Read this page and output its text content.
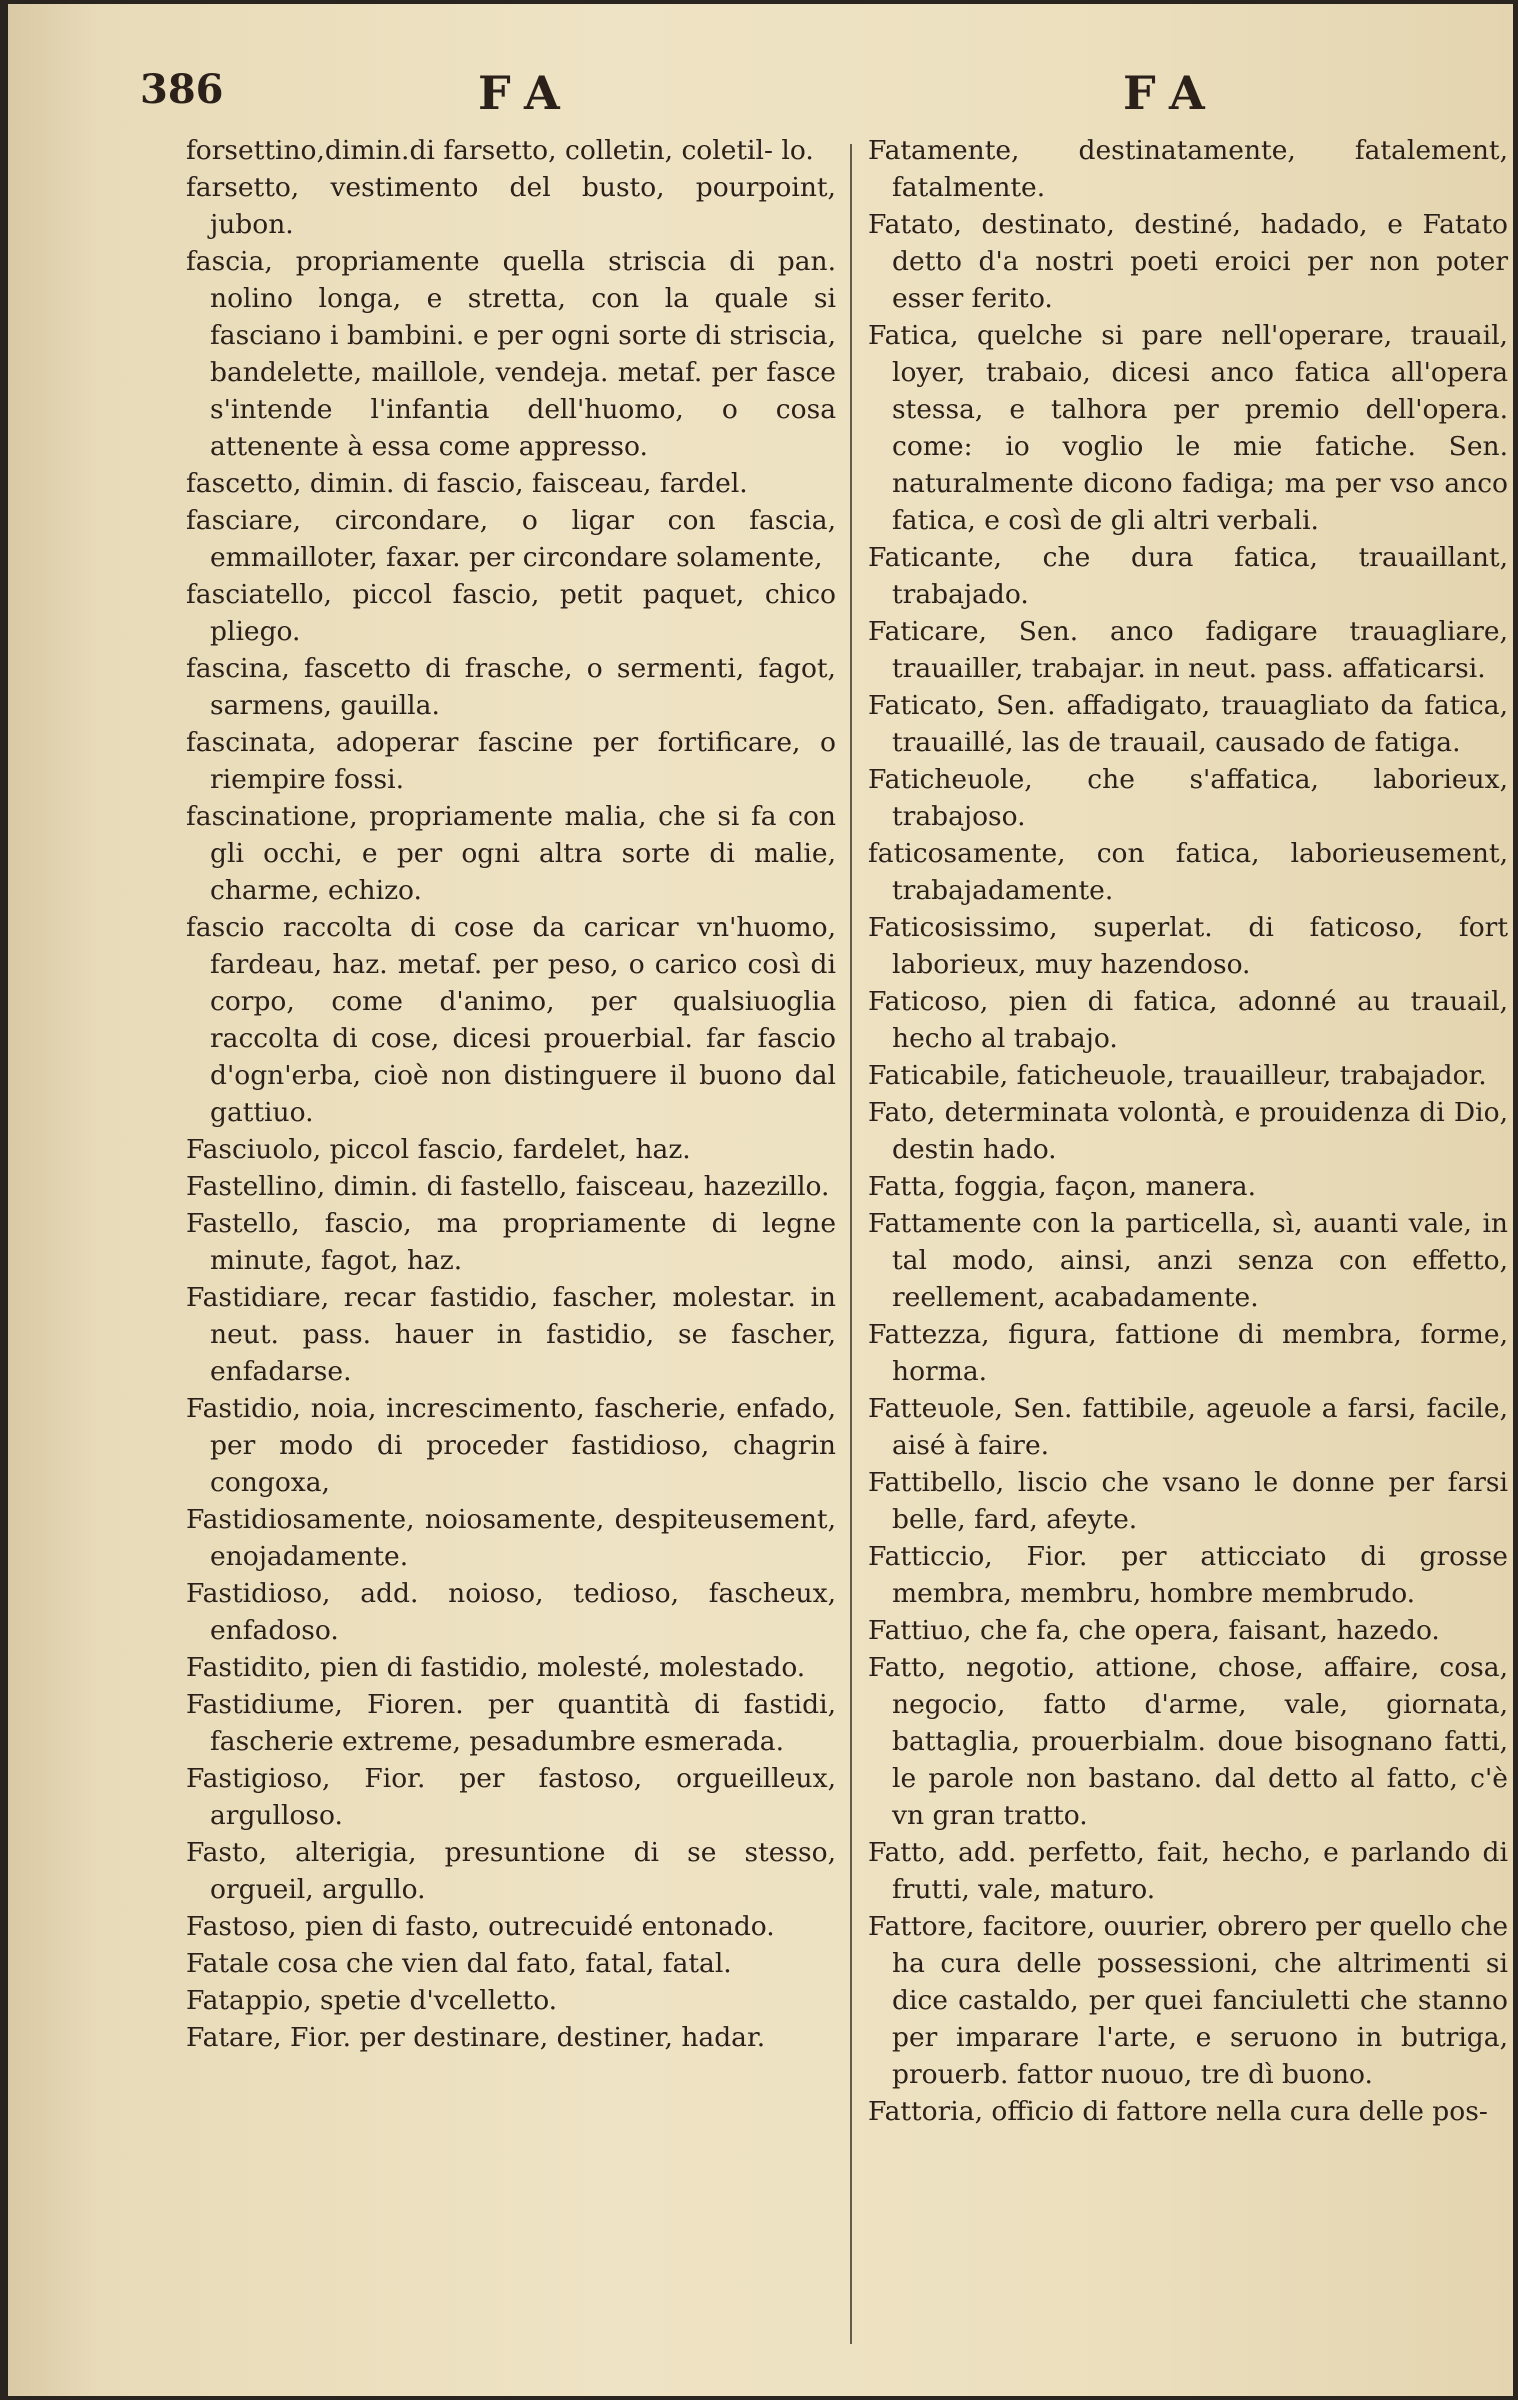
386	FA	FA

forsettino,dimin.di farsetto, colletin, coletil- lo.

farsetto, vestimento del busto, pourpoint, jubon.

fascia, propriamente quella striscia di pan. nolino longa, e stretta, con la quale si fasciano i bambini. e per ogni sorte di striscia, bandelette, maillole, vendeja. metaf. per fasce s'intende l'infantia dell'huomo, o cosa attenente à essa come appresso.

fascetto, dimin. di fascio, faisceau, fardel.

fasciare, circondare, o ligar con fascia, emmailloter, faxar. per circondare solamente,

fasciatello, piccol fascio, petit paquet, chico pliego.

fascina, fascetto di frasche, o sermenti, fagot, sarmens, gauilla.

fascinata, adoperar fascine per fortificare, o riempire fossi.

fascinatione, propriamente malia, che si fa con gli occhi, e per ogni altra sorte di malie, charme, echizo.

fascio raccolta di cose da caricar vn'huomo, fardeau, haz. metaf. per peso, o carico così di corpo, come d'animo, per qualsiuoglia raccolta di cose, dicesi prouerbial. far fascio d'ogn'erba, cioè non distinguere il buono dal gattiuo.

Fasciuolo, piccol fascio, fardelet, haz.

Fastellino, dimin. di fastello, faisceau, hazezillo.

Fastello, fascio, ma propriamente di legne minute, fagot, haz.

Fastidiare, recar fastidio, fascher, molestar. in neut. pass. hauer in fastidio, se fascher, enfadarse.

Fastidio, noia, increscimento, fascherie, enfado, per modo di proceder fastidioso, chagrin congoxa,

Fastidiosamente, noiosamente, despiteusement, enojadamente.

Fastidioso, add. noioso, tedioso, fascheux, enfadoso.

Fastidito, pien di fastidio, molesté, molestado.

Fastidiume, Fioren. per quantità di fastidi, fascherie extreme, pesadumbre esmerada.

Fastigioso, Fior. per fastoso, orgueilleux, argulloso.

Fasto, alterigia, presuntione di se stesso, orgueil, argullo.

Fastoso, pien di fasto, outrecuidé entonado.

Fatale cosa che vien dal fato, fatal, fatal.

Fatappio, spetie d'vcelletto.

Fatare, Fior. per destinare, destiner, hadar.

Fatamente, destinatamente, fatalement, fatalmente.

Fatato, destinato, destiné, hadado, e Fatato detto d'a nostri poeti eroici per non poter esser ferito.

Fatica, quelche si pare nell'operare, trauail, loyer, trabaio, dicesi anco fatica all'opera stessa, e talhora per premio dell'opera. come: io voglio le mie fatiche. Sen. naturalmente dicono fadiga; ma per vso anco fatica, e così de gli altri verbali.

Faticante, che dura fatica, trauaillant, trabajado.

Faticare, Sen. anco fadigare trauagliare, trauailler, trabajar. in neut. pass. affaticarsi.

Faticato, Sen. affadigato, trauagliato da fatica, trauaillé, las de trauail, causado de fatiga.

Faticheuole, che s'affatica, laborieux, trabajoso.

faticosamente, con fatica, laborieusement, trabajadamente.

Faticosissimo, superlat. di faticoso, fort laborieux, muy hazendoso.

Faticoso, pien di fatica, adonné au trauail, hecho al trabajo.

Faticabile, faticheuole, trauailleur, trabajador.

Fato, determinata volontà, e prouidenza di Dio, destin hado.

Fatta, foggia, façon, manera.

Fattamente con la particella, sì, auanti vale, in tal modo, ainsi, anzi senza con effetto, reellement, acabadamente.

Fattezza, figura, fattione di membra, forme, horma.

Fatteuole, Sen. fattibile, ageuole a farsi, facile, aisé à faire.

Fattibello, liscio che vsano le donne per farsi belle, fard, afeyte.

Fatticcio, Fior. per atticciato di grosse membra, membru, hombre membrudo.

Fattiuo, che fa, che opera, faisant, hazedo.

Fatto, negotio, attione, chose, affaire, cosa, negocio, fatto d'arme, vale, giornata, battaglia, prouerbialm. doue bisognano fatti, le parole non bastano. dal detto al fatto, c'è vn gran tratto.

Fatto, add. perfetto, fait, hecho, e parlando di frutti, vale, maturo.

Fattore, facitore, ouurier, obrero per quello che ha cura delle possessioni, che altrimenti si dice castaldo, per quei fanciuletti che stanno per imparare l'arte, e seruono in butriga, prouerb. fattor nuouo, tre dì buono.

Fattoria, officio di fattore nella cura delle pos-
